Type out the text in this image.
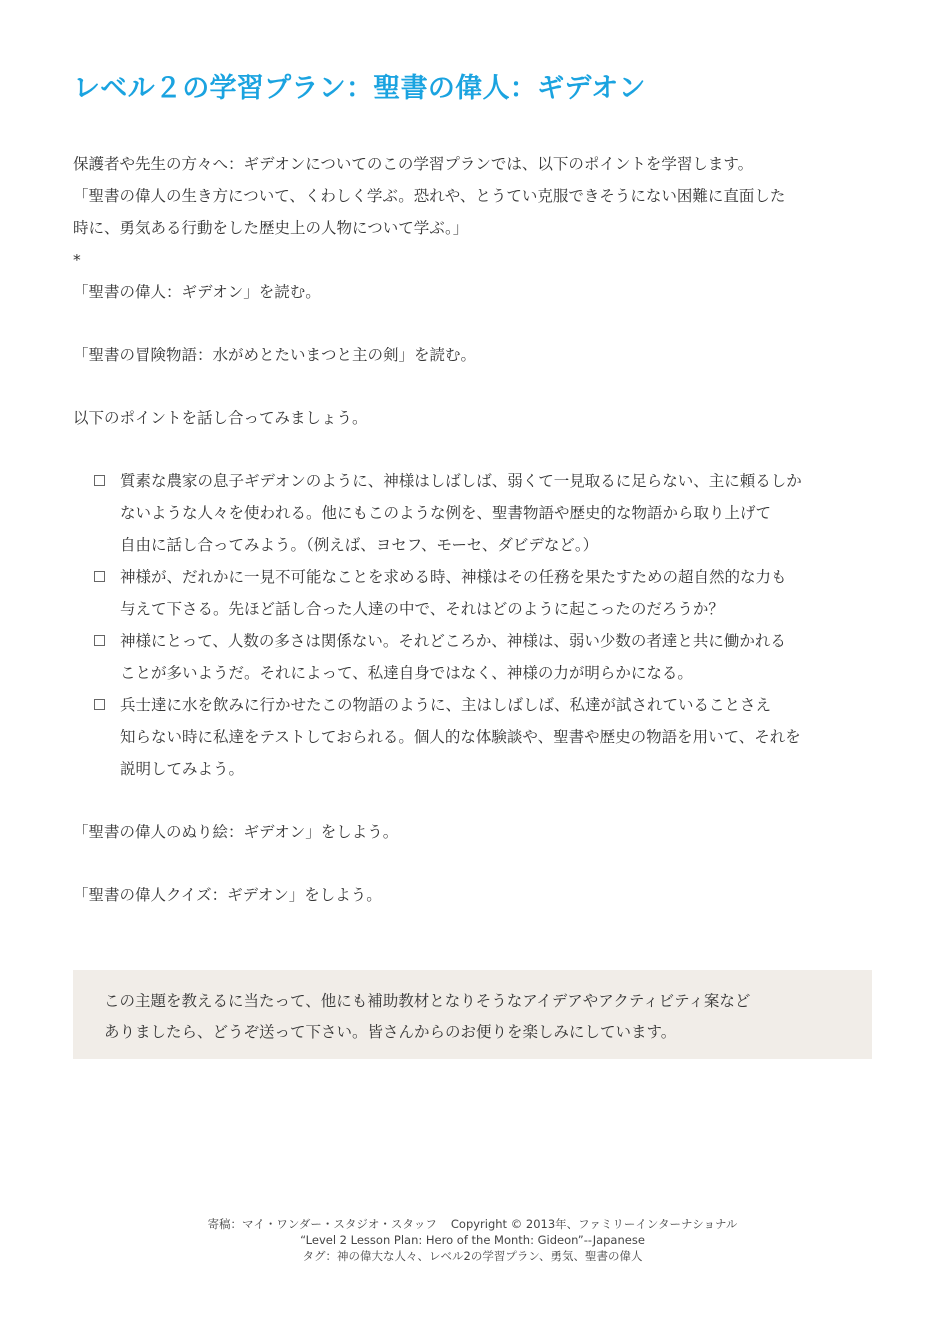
レベル２の学習プラン：聖書の偉人：ギデオン

保護者や先生の方々へ：ギデオンについてのこの学習プランでは、以下のポイントを学習します。

「聖書の偉人の生き方について、くわしく学ぶ。恐れや、とうてい克服できそうにない困難に直面した

時に、勇気ある行動をした歴史上の人物について学ぶ。」

*

「聖書の偉人：ギデオン」を読む。

「聖書の冒険物語：水がめとたいまつと主の剣」を読む。

以下のポイントを話し合ってみましょう。

質素な農家の息子ギデオンのように、神様はしばしば、弱くて一見取るに足らない、主に頼るしか

ないような人々を使われる。他にもこのような例を、聖書物語や歴史的な物語から取り上げて

自由に話し合ってみよう。（例えば、ヨセフ、モーセ、ダビデなど。）

神様が、だれかに一見不可能なことを求める時、神様はその任務を果たすための超自然的な力も

与えて下さる。先ほど話し合った人達の中で、それはどのように起こったのだろうか？

神様にとって、人数の多さは関係ない。それどころか、神様は、弱い少数の者達と共に働かれる

ことが多いようだ。それによって、私達自身ではなく、神様の力が明らかになる。

兵士達に水を飲みに行かせたこの物語のように、主はしばしば、私達が試されていることさえ

知らない時に私達をテストしておられる。個人的な体験談や、聖書や歴史の物語を用いて、それを

説明してみよう。

「聖書の偉人のぬり絵：ギデオン」をしよう。

「聖書の偉人クイズ：ギデオン」をしよう。

この主題を教えるに当たって、他にも補助教材となりそうなアイデアやアクティビティ案など

ありましたら、どうぞ送って下さい。皆さんからのお便りを楽しみにしています。

寄稿：マイ・ワンダー・スタジオ・スタッフ Copyright © 2013年、ファミリーインターナショナル
“Level 2 Lesson Plan: Hero of the Month: Gideon”--Japanese
タグ：神の偉大な人々、レベル2の学習プラン、勇気、聖書の偉人
